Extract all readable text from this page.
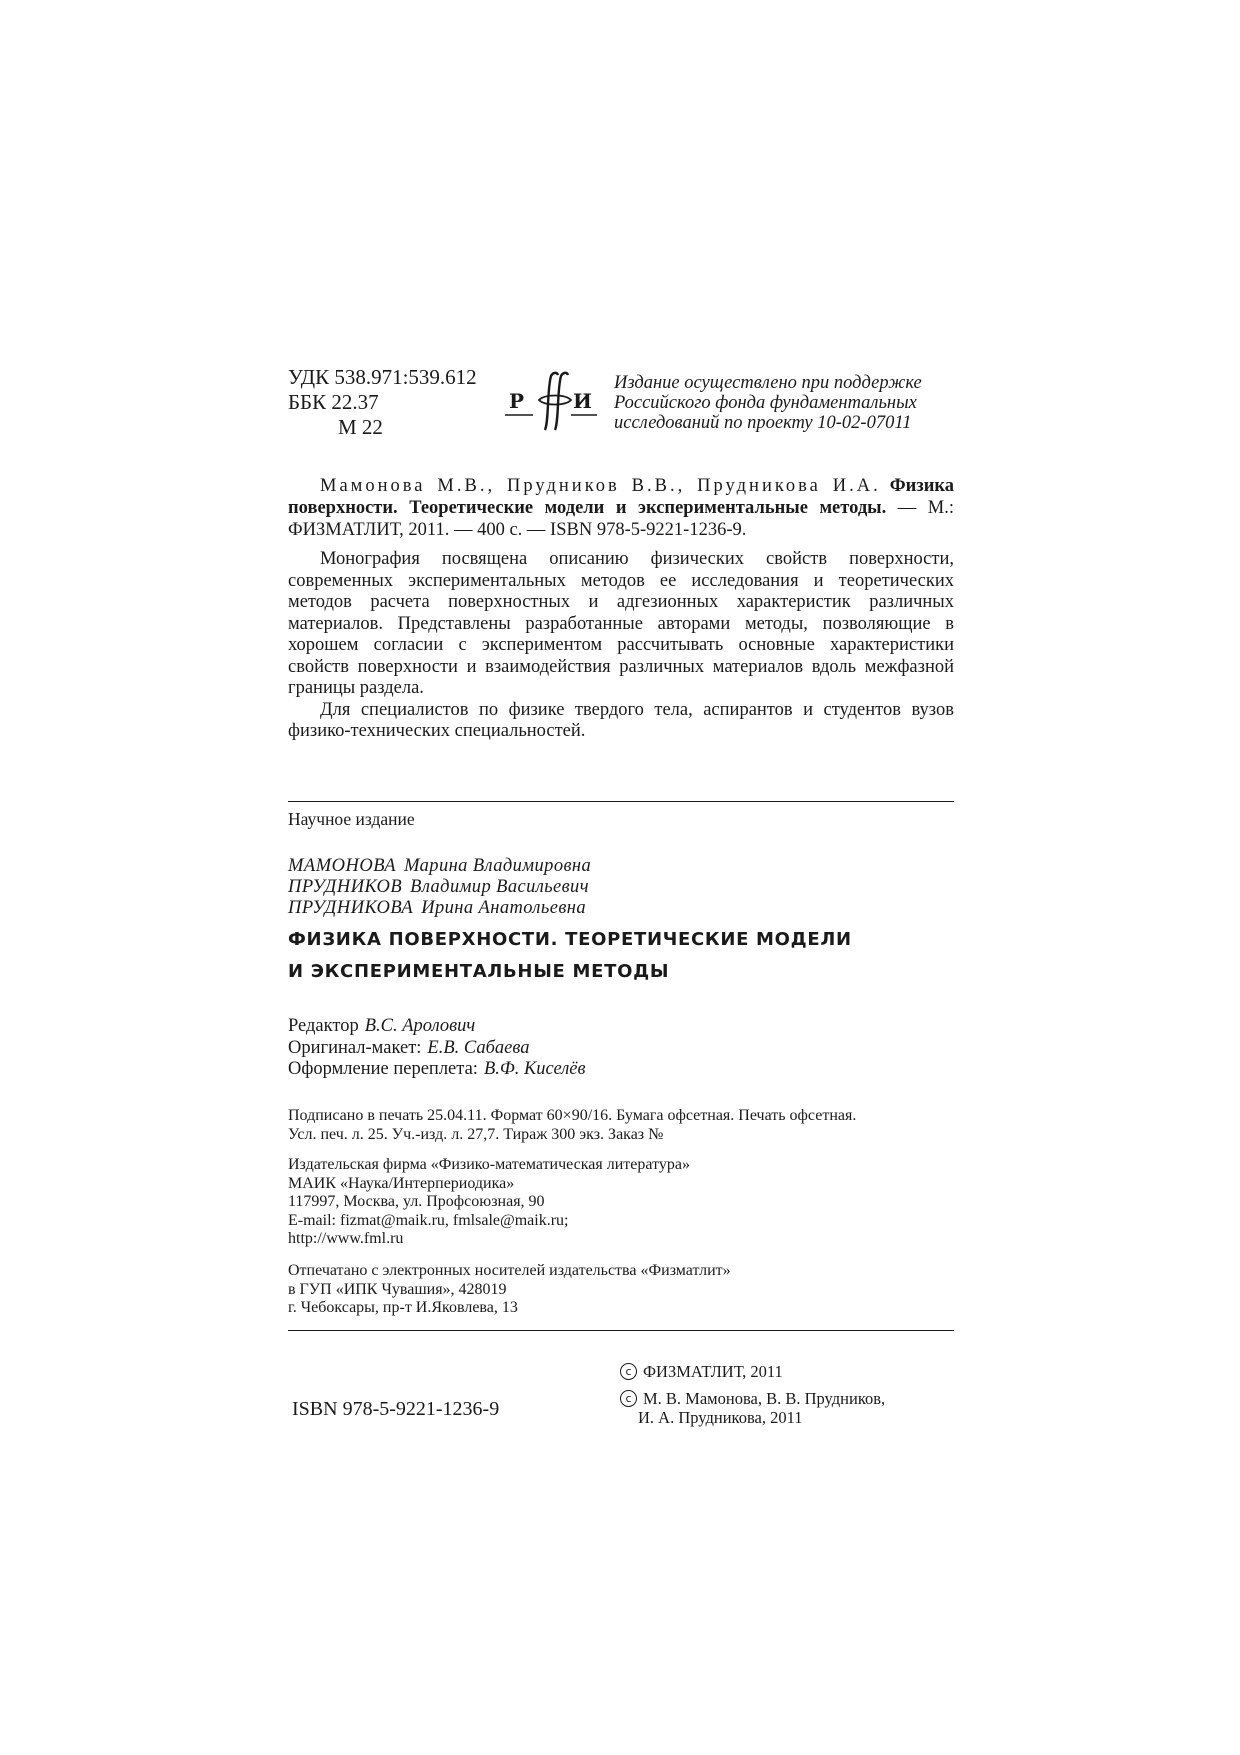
УДК 538.971:539.612
ББК 22.37
М 22
Р И
Издание осуществлено при поддержке
Российского фонда фундаментальных
исследований по проекту 10-02-07011
Мамонова М.В., Прудников В.В., Прудникова И.А. Физика поверхности. Теоретические модели и экспериментальные методы. — М.: ФИЗМАТЛИТ, 2011. — 400 с. — ISBN 978-5-9221-1236-9.

Монография посвящена описанию физических свойств поверхности, современных экспериментальных методов ее исследования и теоретических методов расчета поверхностных и адгезионных характеристик различных материалов. Представлены разработанные авторами методы, позволяющие в хорошем согласии с экспериментом рассчитывать основные характеристики свойств поверхности и взаимодействия различных материалов вдоль межфазной границы раздела.

Для специалистов по физике твердого тела, аспирантов и студентов вузов физико-технических специальностей.

Научное издание
МАМОНОВА Марина Владимировна
ПРУДНИКОВ Владимир Васильевич
ПРУДНИКОВА Ирина Анатольевна
ФИЗИКА ПОВЕРХНОСТИ. ТЕОРЕТИЧЕСКИЕ МОДЕЛИ
И ЭКСПЕРИМЕНТАЛЬНЫЕ МЕТОДЫ
Редактор В.С. Аролович
Оригинал-макет: Е.В. Сабаева
Оформление переплета: В.Ф. Киселёв
Подписано в печать 25.04.11. Формат 60×90/16. Бумага офсетная. Печать офсетная.
Усл. печ. л. 25. Уч.-изд. л. 27,7. Тираж 300 экз. Заказ №
Издательская фирма «Физико-математическая литература»
МАИК «Наука/Интерпериодика»
117997, Москва, ул. Профсоюзная, 90
E-mail: fizmat@maik.ru, fmlsale@maik.ru;
http://www.fml.ru
Отпечатано с электронных носителей издательства «Физматлит»
в ГУП «ИПК Чувашия», 428019
г. Чебоксары, пр-т И.Яковлева, 13
c ФИЗМАТЛИТ, 2011
c М. В. Мамонова, В. В. Прудников,
И. А. Прудникова, 2011
ISBN 978-5-9221-1236-9
